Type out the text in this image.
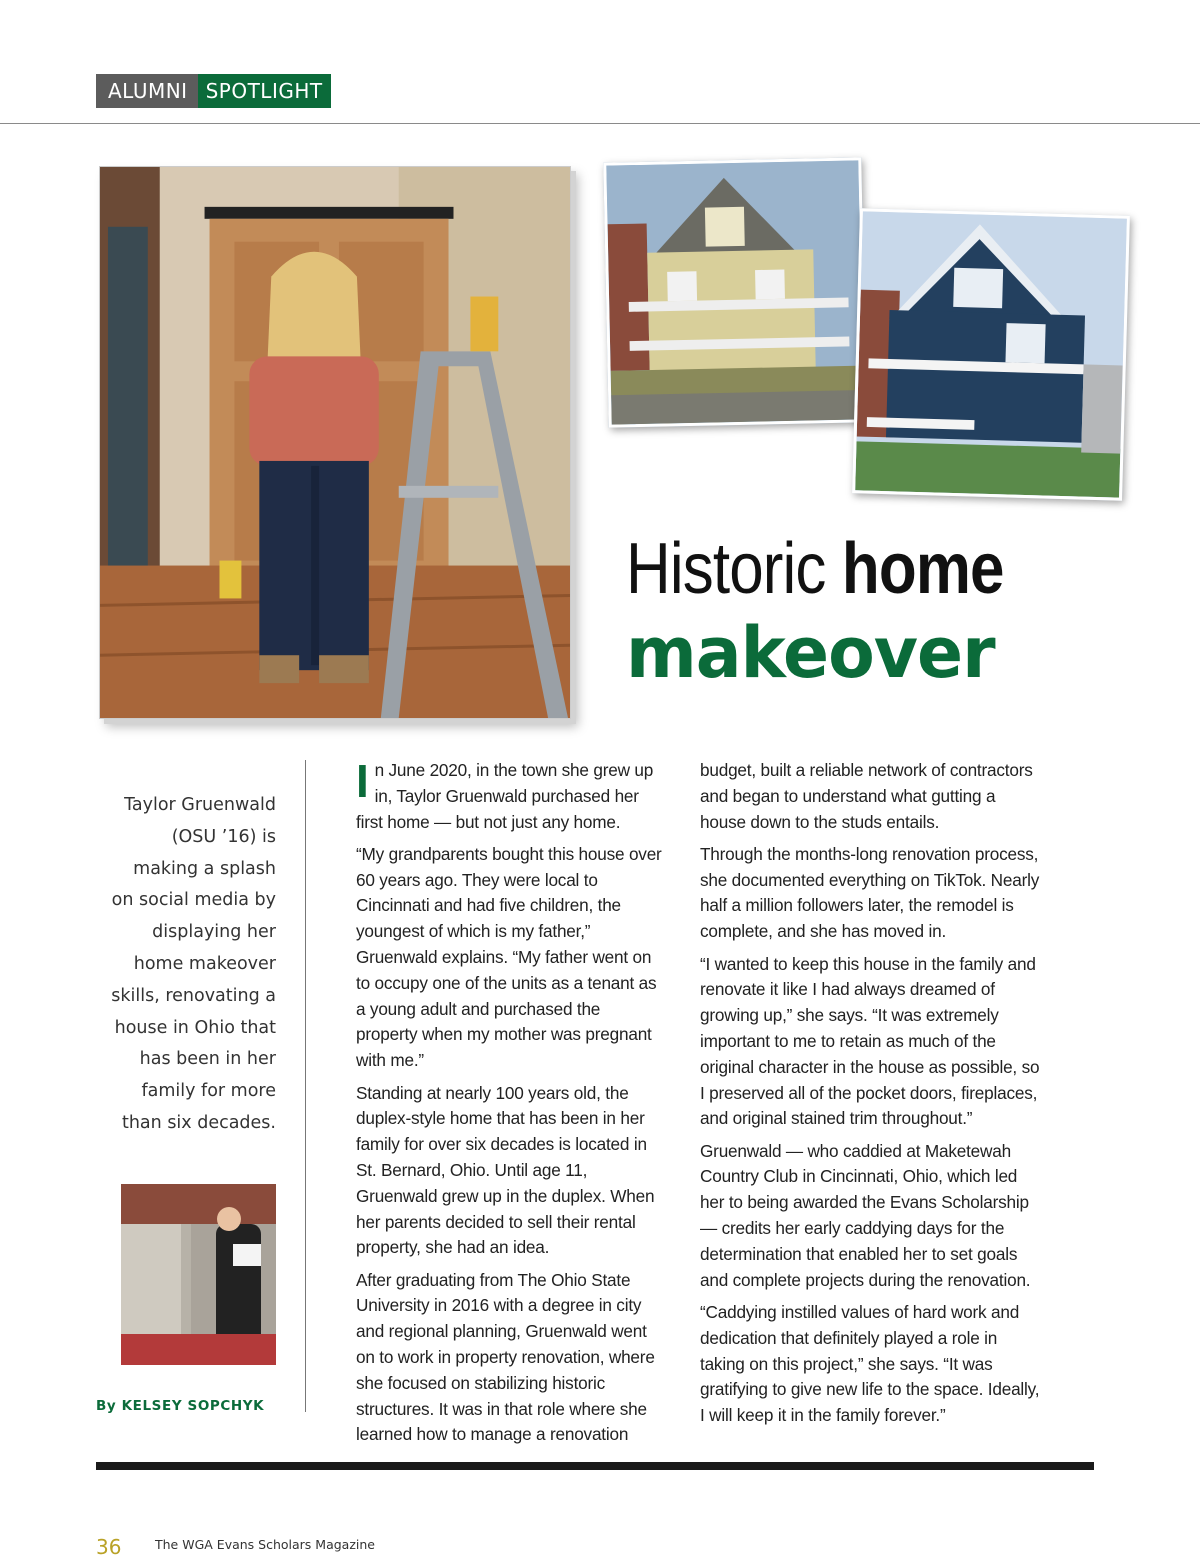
ALUMNI SPOTLIGHT
Historic home
makeover
Taylor Gruenwald (OSU ’16) is making a splash on social media by displaying her home makeover skills, renovating a house in Ohio that has been in her family for more than six decades.
By KELSEY SOPCHYK

In June 2020, in the town she grew up in, Taylor Gruenwald purchased her first home — but not just any home.

“My grandparents bought this house over 60 years ago. They were local to Cincinnati and had five children, the youngest of which is my father,” Gruenwald explains. “My father went on to occupy one of the units as a tenant as a young adult and purchased the property when my mother was pregnant with me.”

Standing at nearly 100 years old, the duplex-style home that has been in her family for over six decades is located in St. Bernard, Ohio. Until age 11, Gruenwald grew up in the duplex. When her parents decided to sell their rental property, she had an idea.

After graduating from The Ohio State University in 2016 with a degree in city and regional planning, Gruenwald went on to work in property renovation, where she focused on stabilizing historic structures. It was in that role where she learned how to manage a renovation

budget, built a reliable network of contractors and began to understand what gutting a house down to the studs entails.

Through the months-long renovation process, she documented everything on TikTok. Nearly half a million followers later, the remodel is complete, and she has moved in.

“I wanted to keep this house in the family and renovate it like I had always dreamed of growing up,” she says. “It was extremely important to me to retain as much of the original character in the house as possible, so I preserved all of the pocket doors, fireplaces, and original stained trim throughout.”

Gruenwald — who caddied at Maketewah Country Club in Cincinnati, Ohio, which led her to being awarded the Evans Scholarship — credits her early caddying days for the determination that enabled her to set goals and complete projects during the renovation.

“Caddying instilled values of hard work and dedication that definitely played a role in taking on this project,” she says. “It was gratifying to give new life to the space. Ideally, I will keep it in the family forever.”

36	The WGA Evans Scholars Magazine
